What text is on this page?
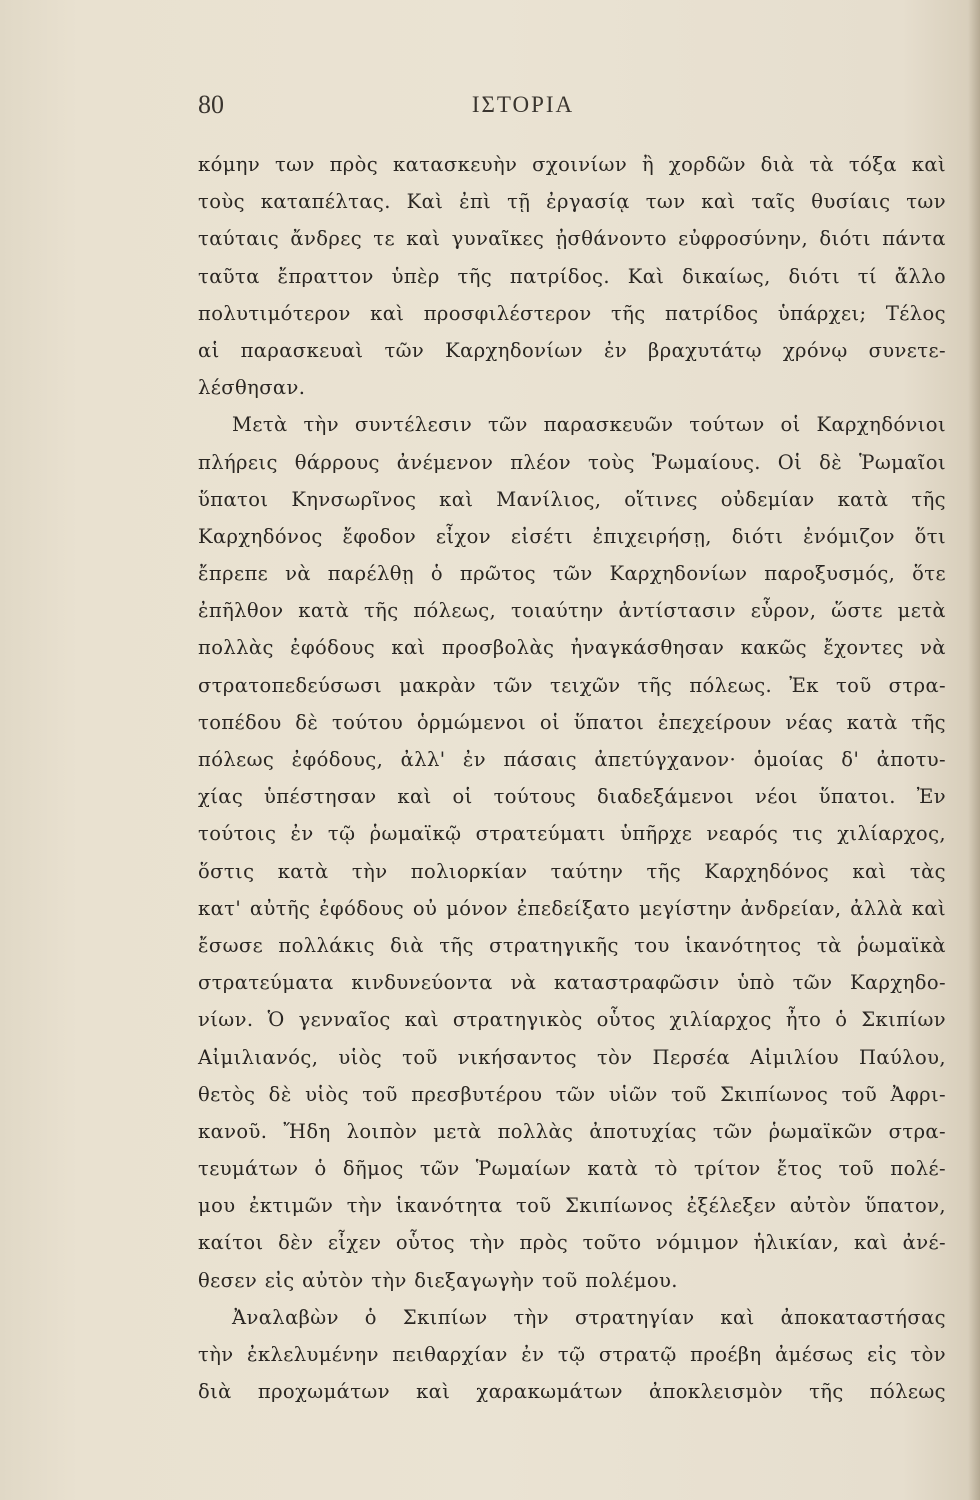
80	ΙΣΤΟΡΙΑ
κόμην των πρὸς κατασκευὴν σχοινίων ἢ χορδῶν διὰ τὰ τόξα καὶ
τοὺς καταπέλτας. Καὶ ἐπὶ τῇ ἐργασίᾳ των καὶ ταῖς θυσίαις των
ταύταις ἄνδρες τε καὶ γυναῖκες ᾐσθάνοντο εὐφροσύνην, διότι πάντα
ταῦτα ἔπραττον ὑπὲρ τῆς πατρίδος. Καὶ δικαίως, διότι τί ἄλλο
πολυτιμότερον καὶ προσφιλέστερον τῆς πατρίδος ὑπάρχει; Τέλος
αἱ παρασκευαὶ τῶν Καρχηδονίων ἐν βραχυτάτῳ χρόνῳ συνετε-
λέσθησαν.
Μετὰ τὴν συντέλεσιν τῶν παρασκευῶν τούτων οἱ Καρχηδόνιοι
πλήρεις θάρρους ἀνέμενον πλέον τοὺς Ῥωμαίους. Οἱ δὲ Ῥωμαῖοι
ὕπατοι Κηνσωρῖνος καὶ Μανίλιος, οἵτινες οὐδεμίαν κατὰ τῆς
Καρχηδόνος ἔφοδον εἶχον εἰσέτι ἐπιχειρήσῃ, διότι ἐνόμιζον ὅτι
ἔπρεπε νὰ παρέλθῃ ὁ πρῶτος τῶν Καρχηδονίων παροξυσμός, ὅτε
ἐπῆλθον κατὰ τῆς πόλεως, τοιαύτην ἀντίστασιν εὗρον, ὥστε μετὰ
πολλὰς ἐφόδους καὶ προσβολὰς ἠναγκάσθησαν κακῶς ἔχοντες νὰ
στρατοπεδεύσωσι μακρὰν τῶν τειχῶν τῆς πόλεως. Ἐκ τοῦ στρα-
τοπέδου δὲ τούτου ὁρμώμενοι οἱ ὕπατοι ἐπεχείρουν νέας κατὰ τῆς
πόλεως ἐφόδους, ἀλλ' ἐν πάσαις ἀπετύγχανον· ὁμοίας δ' ἀποτυ-
χίας ὑπέστησαν καὶ οἱ τούτους διαδεξάμενοι νέοι ὕπατοι. Ἐν
τούτοις ἐν τῷ ῥωμαϊκῷ στρατεύματι ὑπῆρχε νεαρός τις χιλίαρχος,
ὅστις κατὰ τὴν πολιορκίαν ταύτην τῆς Καρχηδόνος καὶ τὰς
κατ' αὐτῆς ἐφόδους οὐ μόνον ἐπεδείξατο μεγίστην ἀνδρείαν, ἀλλὰ καὶ
ἔσωσε πολλάκις διὰ τῆς στρατηγικῆς του ἱκανότητος τὰ ῥωμαϊκὰ
στρατεύματα κινδυνεύοντα νὰ καταστραφῶσιν ὑπὸ τῶν Καρχηδο-
νίων. Ὁ γενναῖος καὶ στρατηγικὸς οὗτος χιλίαρχος ἦτο ὁ Σκιπίων
Αἰμιλιανός, υἱὸς τοῦ νικήσαντος τὸν Περσέα Αἰμιλίου Παύλου,
θετὸς δὲ υἱὸς τοῦ πρεσβυτέρου τῶν υἱῶν τοῦ Σκιπίωνος τοῦ Ἀφρι-
κανοῦ. Ἤδη λοιπὸν μετὰ πολλὰς ἀποτυχίας τῶν ῥωμαϊκῶν στρα-
τευμάτων ὁ δῆμος τῶν Ῥωμαίων κατὰ τὸ τρίτον ἔτος τοῦ πολέ-
μου ἐκτιμῶν τὴν ἱκανότητα τοῦ Σκιπίωνος ἐξέλεξεν αὐτὸν ὕπατον,
καίτοι δὲν εἶχεν οὗτος τὴν πρὸς τοῦτο νόμιμον ἡλικίαν, καὶ ἀνέ-
θεσεν εἰς αὐτὸν τὴν διεξαγωγὴν τοῦ πολέμου.
Ἀναλαβὼν ὁ Σκιπίων τὴν στρατηγίαν καὶ ἀποκαταστήσας
τὴν ἐκλελυμένην πειθαρχίαν ἐν τῷ στρατῷ προέβη ἀμέσως εἰς τὸν
διὰ προχωμάτων καὶ χαρακωμάτων ἀποκλεισμὸν τῆς πόλεως
